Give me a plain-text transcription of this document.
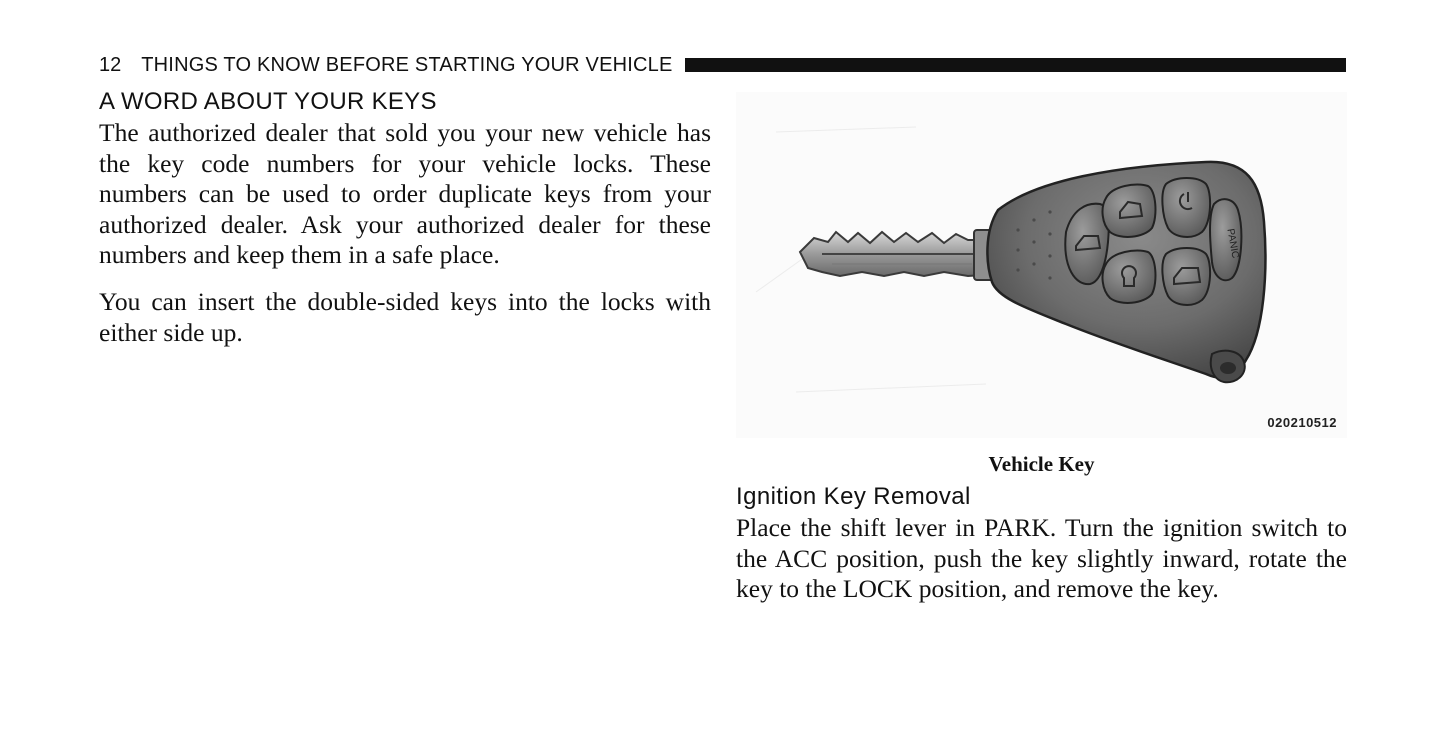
12 THINGS TO KNOW BEFORE STARTING YOUR VEHICLE
A WORD ABOUT YOUR KEYS

The authorized dealer that sold you your new vehicle has the key code numbers for your vehicle locks. These numbers can be used to order duplicate keys from your authorized dealer. Ask your authorized dealer for these numbers and keep them in a safe place.

You can insert the double-sided keys into the locks with either side up.

PANIC
020210512
Vehicle Key
Ignition Key Removal

Place the shift lever in PARK. Turn the ignition switch to the ACC position, push the key slightly inward, rotate the key to the LOCK position, and remove the key.
